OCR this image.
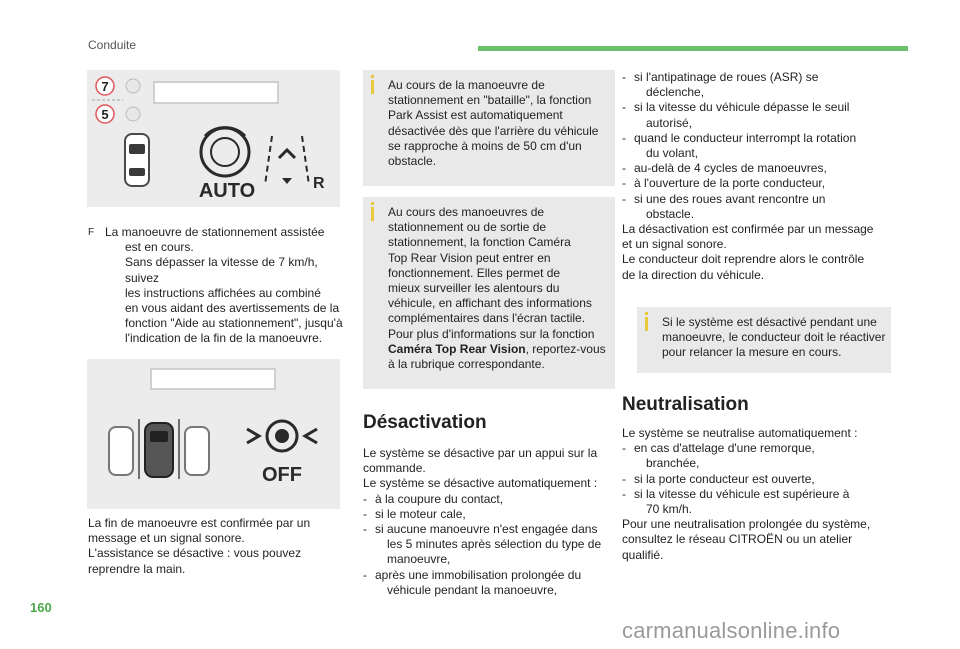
Conduite
7
5
AUTO	R
F La manoeuvre de stationnement assistée

est en cours.

Sans dépasser la vitesse de 7 km/h, suivez

les instructions affichées au combiné

en vous aidant des avertissements de la

fonction "Aide au stationnement", jusqu'à

l'indication de la fin de la manoeuvre.

OFF

La fin de manoeuvre est confirmée par un

message et un signal sonore.

L'assistance se désactive : vous pouvez

reprendre la main.

Au cours de la manoeuvre de
stationnement en "bataille", la fonction
Park Assist est automatiquement
désactivée dès que l'arrière du véhicule
se rapproche à moins de 50 cm d'un
obstacle.
Au cours des manoeuvres de
stationnement ou de sortie de
stationnement, la fonction Caméra
Top Rear Vision peut entrer en
fonctionnement. Elles permet de
mieux surveiller les alentours du
véhicule, en affichant des informations
complémentaires dans l'écran tactile.
Pour plus d'informations sur la fonction
Caméra Top Rear Vision, reportez-vous
à la rubrique correspondante.
Désactivation

Le système se désactive par un appui sur la

commande.

Le système se désactive automatiquement :

- à la coupure du contact,

- si le moteur cale,

- si aucune manoeuvre n'est engagée dans

les 5 minutes après sélection du type de

manoeuvre,

- après une immobilisation prolongée du

véhicule pendant la manoeuvre,

- si l'antipatinage de roues (ASR) se

déclenche,

- si la vitesse du véhicule dépasse le seuil

autorisé,

- quand le conducteur interrompt la rotation

du volant,

- au-delà de 4 cycles de manoeuvres,

- à l'ouverture de la porte conducteur,

- si une des roues avant rencontre un

obstacle.

La désactivation est confirmée par un message

et un signal sonore.

Le conducteur doit reprendre alors le contrôle

de la direction du véhicule.

Si le système est désactivé pendant une
manoeuvre, le conducteur doit le réactiver
pour relancer la mesure en cours.
Neutralisation

Le système se neutralise automatiquement :

- en cas d'attelage d'une remorque,

branchée,

- si la porte conducteur est ouverte,

- si la vitesse du véhicule est supérieure à

70 km/h.

Pour une neutralisation prolongée du système,

consultez le réseau CITROËN ou un atelier

qualifié.

160
carmanualsonline.info
